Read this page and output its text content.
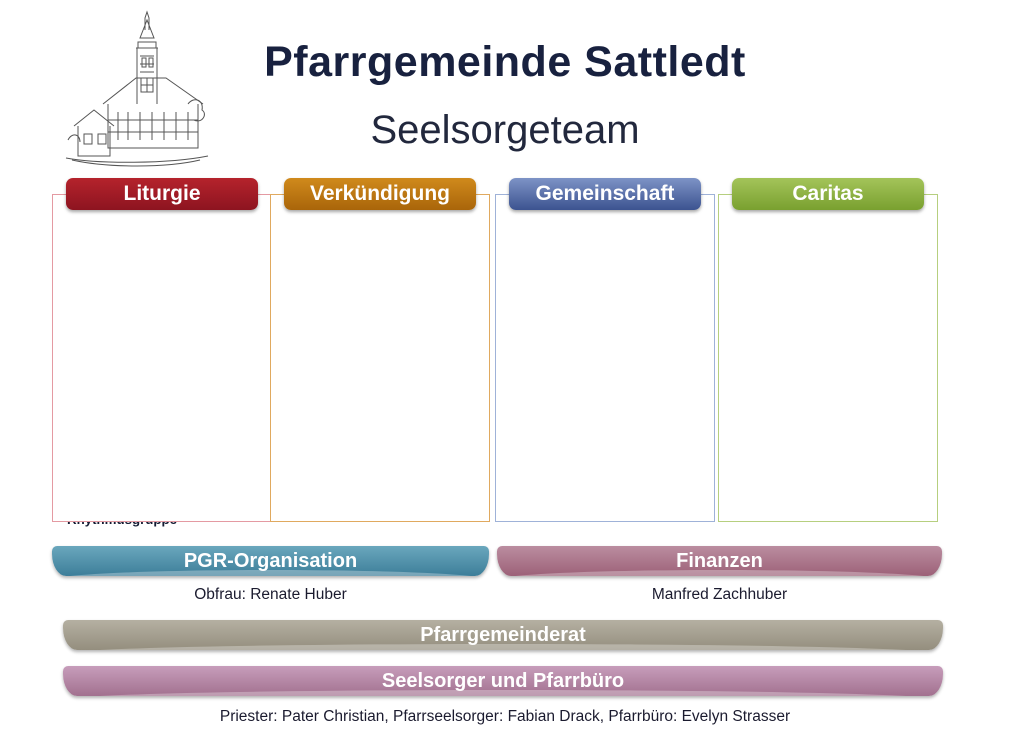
Pfarrgemeinde Sattledt
Seelsorgeteam
Liturgie	Verkündigung	Gemeinschaft	Caritas
PGR-Organisation	Finanzen
Obfrau: Renate Huber	Manfred Zachhuber
Pfarrgemeinderat
Seelsorger und Pfarrbüro
Priester: Pater Christian, Pfarrseelsorger: Fabian Drack, Pfarrbüro: Evelyn Strasser
